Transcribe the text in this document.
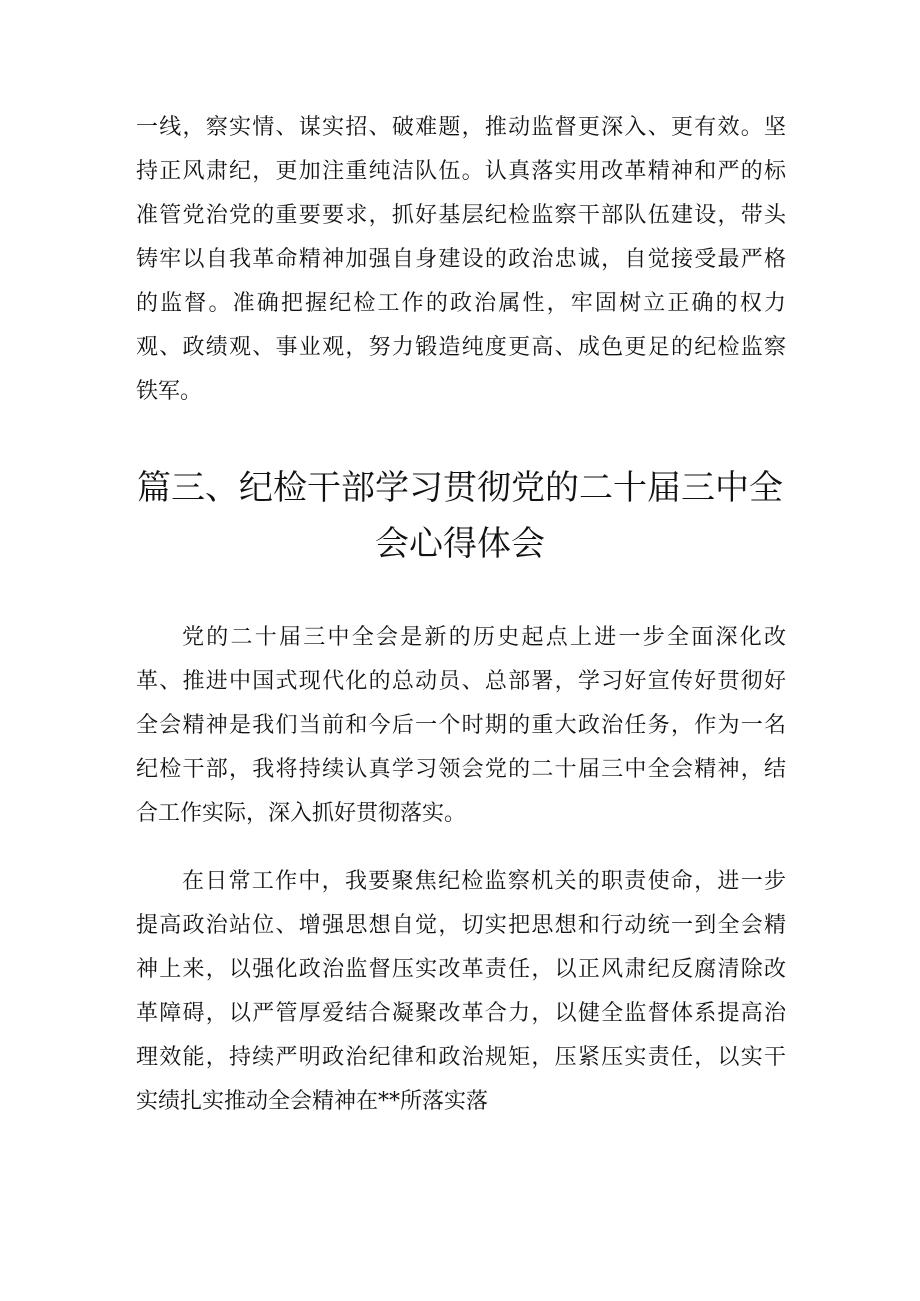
一线，察实情、谋实招、破难题，推动监督更深入、更有效。坚
持正风肃纪，更加注重纯洁队伍。认真落实用改革精神和严的标
准管党治党的重要要求，抓好基层纪检监察干部队伍建设，带头
铸牢以自我革命精神加强自身建设的政治忠诚，自觉接受最严格
的监督。准确把握纪检工作的政治属性，牢固树立正确的权力
观、政绩观、事业观，努力锻造纯度更高、成色更足的纪检监察
铁军。
篇三、纪检干部学习贯彻党的二十届三中全
会心得体会
党的二十届三中全会是新的历史起点上进一步全面深化改
革、推进中国式现代化的总动员、总部署，学习好宣传好贯彻好
全会精神是我们当前和今后一个时期的重大政治任务，作为一名
纪检干部，我将持续认真学习领会党的二十届三中全会精神，结
合工作实际，深入抓好贯彻落实。
在日常工作中，我要聚焦纪检监察机关的职责使命，进一步
提高政治站位、增强思想自觉，切实把思想和行动统一到全会精
神上来，以强化政治监督压实改革责任，以正风肃纪反腐清除改
革障碍，以严管厚爱结合凝聚改革合力，以健全监督体系提高治
理效能，持续严明政治纪律和政治规矩，压紧压实责任，以实干
实绩扎实推动全会精神在**所落实落
